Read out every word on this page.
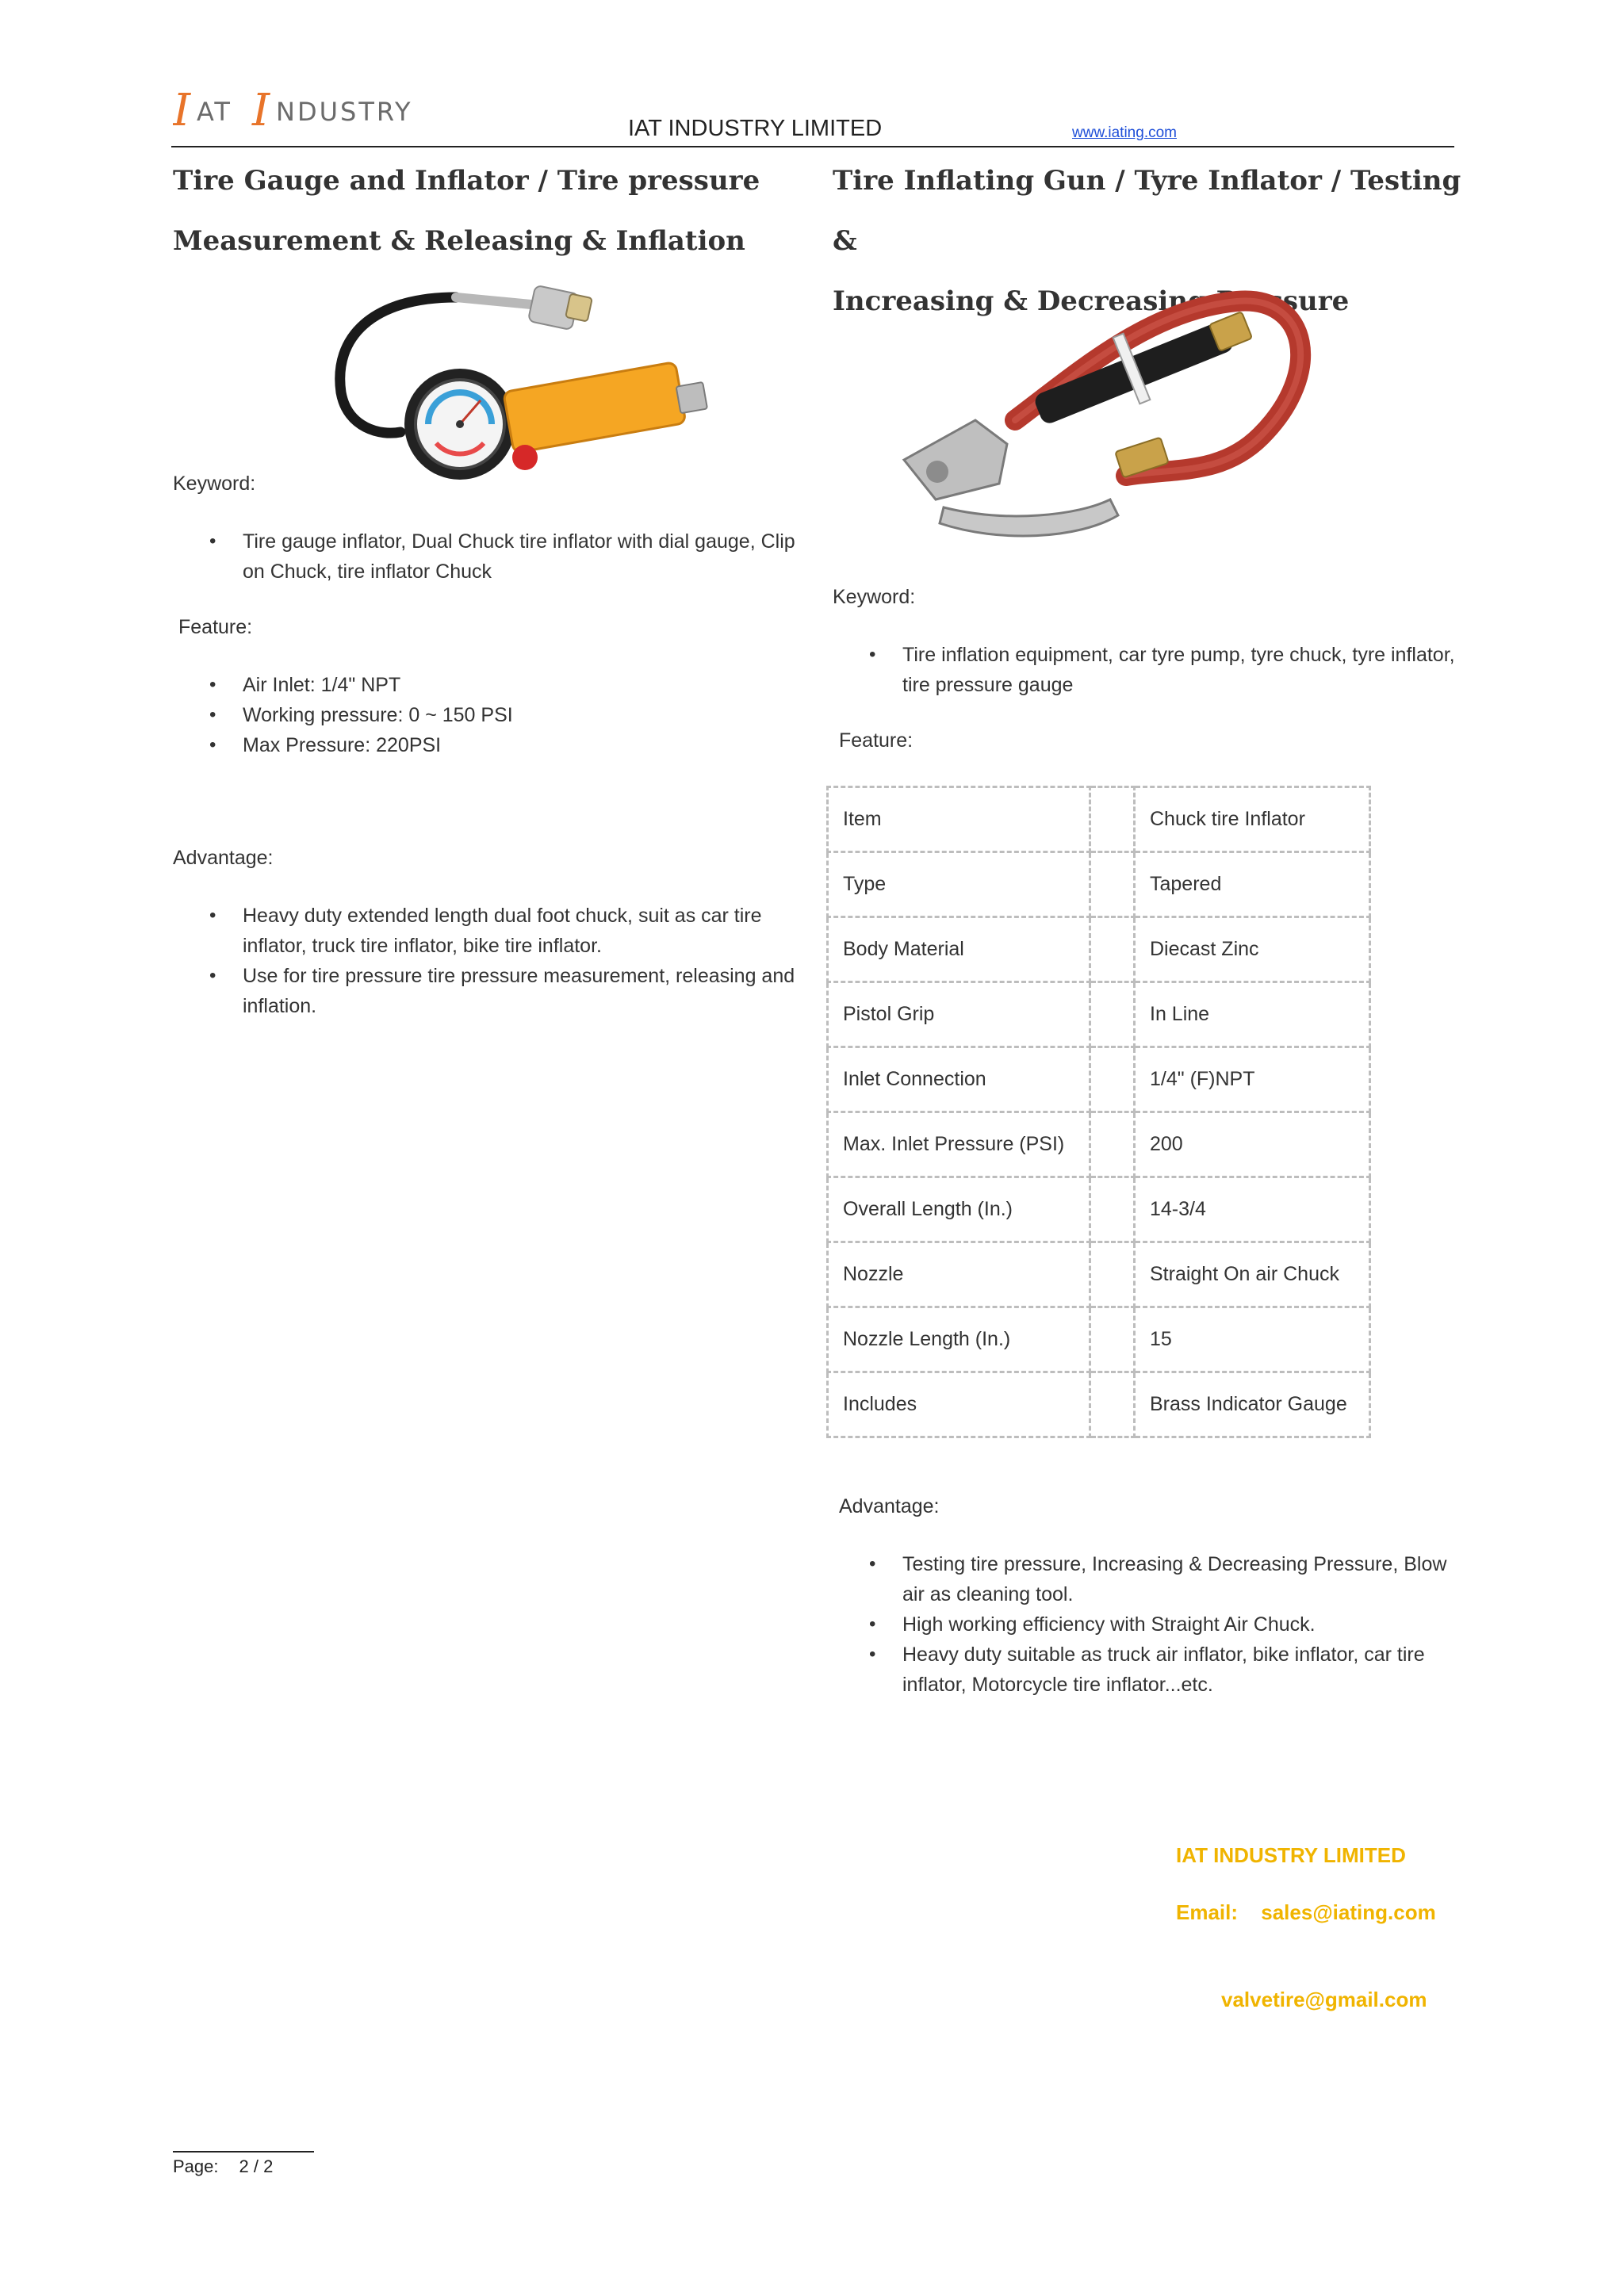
I AT I NDUSTRY
IAT INDUSTRY LIMITED	www.iating.com
Tire Gauge and Inflator / Tire pressure
Measurement & Releasing & Inflation
Keyword:
• Tire gauge inflator, Dual Chuck tire inflator with dial gauge, Clip on Chuck, tire inflator Chuck
Feature:
• Air Inlet: 1/4" NPT
• Working pressure: 0 ~ 150 PSI
• Max Pressure: 220PSI
Advantage:
• Heavy duty extended length dual foot chuck, suit as car tire inflator, truck tire inflator, bike tire inflator.
• Use for tire pressure tire pressure measurement, releasing and inflation.
Tire Inflating Gun / Tyre Inflator / Testing &
Increasing & Decreasing Pressure
Keyword:
• Tire inflation equipment, car tyre pump, tyre chuck, tyre inflator, tire pressure gauge
Feature:
Item		Chuck tire Inflator
Type		Tapered
Body Material		Diecast Zinc
Pistol Grip		In Line
Inlet Connection		1/4" (F)NPT
Max. Inlet Pressure (PSI)		200
Overall Length (In.)		14-3/4
Nozzle		Straight On air Chuck
Nozzle Length (In.)		15
Includes		Brass Indicator Gauge
Advantage:
• Testing tire pressure, Increasing & Decreasing Pressure, Blow air as cleaning tool.
• High working efficiency with Straight Air Chuck.
• Heavy duty suitable as truck air inflator, bike inflator, car tire inflator, Motorcycle tire inflator...etc.
IAT INDUSTRY LIMITED
Email: sales@iating.com
valvetire@gmail.com
Page: 2 / 2
